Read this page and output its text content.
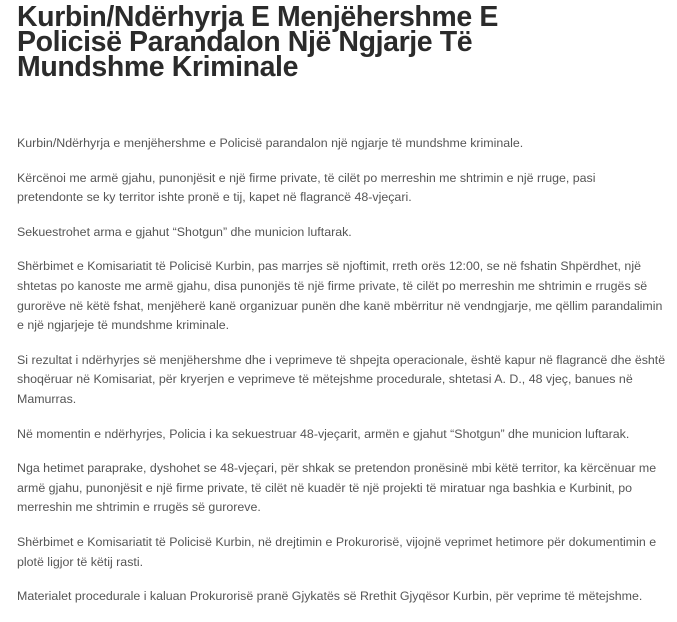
Kurbin/Ndërhyrja E Menjëhershme E
Policisë Parandalon Një Ngjarje Të
Mundshme Kriminale

Kurbin/Ndërhyrja e menjëhershme e Policisë parandalon një ngjarje të mundshme kriminale.

Kërcënoi me armë gjahu, punonjësit e një firme private, të cilët po merreshin me shtrimin e një rruge, pasi
pretendonte se ky territor ishte pronë e tij, kapet në flagrancë 48-vjeçari.

Sekuestrohet arma e gjahut “Shotgun” dhe municion luftarak.

Shërbimet e Komisariatit të Policisë Kurbin, pas marrjes së njoftimit, rreth orës 12:00, se në fshatin Shpërdhet, një
shtetas po kanoste me armë gjahu, disa punonjës të një firme private, të cilët po merreshin me shtrimin e rrugës së
gurorëve në këtë fshat, menjëherë kanë organizuar punën dhe kanë mbërritur në vendngjarje, me qëllim parandalimin
e një ngjarjeje të mundshme kriminale.

Si rezultat i ndërhyrjes së menjëhershme dhe i veprimeve të shpejta operacionale, është kapur në flagrancë dhe është
shoqëruar në Komisariat, për kryerjen e veprimeve të mëtejshme procedurale, shtetasi A. D., 48 vjeç, banues në
Mamurras.

Në momentin e ndërhyrjes, Policia i ka sekuestruar 48-vjeçarit, armën e gjahut “Shotgun” dhe municion luftarak.

Nga hetimet paraprake, dyshohet se 48-vjeçari, për shkak se pretendon pronësinë mbi këtë territor, ka kërcënuar me
armë gjahu, punonjësit e një firme private, të cilët në kuadër të një projekti të miratuar nga bashkia e Kurbinit, po
merreshin me shtrimin e rrugës së guroreve.

Shërbimet e Komisariatit të Policisë Kurbin, në drejtimin e Prokurorisë, vijojnë veprimet hetimore për dokumentimin e
plotë ligjor të këtij rasti.

Materialet procedurale i kaluan Prokurorisë pranë Gjykatës së Rrethit Gjyqësor Kurbin, për veprime të mëtejshme.
